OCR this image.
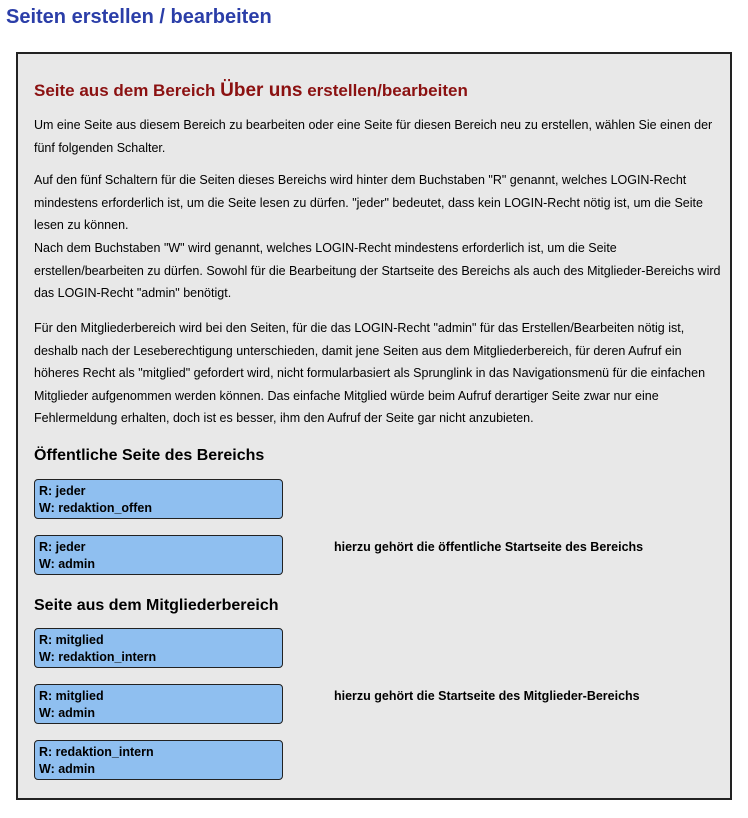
Seiten erstellen / bearbeiten
Seite aus dem Bereich Über uns erstellen/bearbeiten

Um eine Seite aus diesem Bereich zu bearbeiten oder eine Seite für diesen Bereich neu zu erstellen, wählen Sie einen der fünf folgenden Schalter.

Auf den fünf Schaltern für die Seiten dieses Bereichs wird hinter dem Buchstaben "R" genannt, welches LOGIN-Recht mindestens erforderlich ist, um die Seite lesen zu dürfen. "jeder" bedeutet, dass kein LOGIN-Recht nötig ist, um die Seite lesen zu können.

Nach dem Buchstaben "W" wird genannt, welches LOGIN-Recht mindestens erforderlich ist, um die Seite erstellen/bearbeiten zu dürfen. Sowohl für die Bearbeitung der Startseite des Bereichs als auch des Mitglieder-Bereichs wird das LOGIN-Recht "admin" benötigt.

Für den Mitgliederbereich wird bei den Seiten, für die das LOGIN-Recht "admin" für das Erstellen/Bearbeiten nötig ist, deshalb nach der Leseberechtigung unterschieden, damit jene Seiten aus dem Mitgliederbereich, für deren Aufruf ein höheres Recht als "mitglied" gefordert wird, nicht formularbasiert als Sprunglink in das Navigationsmenü für die einfachen Mitglieder aufgenommen werden können. Das einfache Mitglied würde beim Aufruf derartiger Seite zwar nur eine Fehlermeldung erhalten, doch ist es besser, ihm den Aufruf der Seite gar nicht anzubieten.

Öffentliche Seite des Bereichs
R: jeder
W: redaktion_offen
R: jeder
W: admin
hierzu gehört die öffentliche Startseite des Bereichs
Seite aus dem Mitgliederbereich
R: mitglied
W: redaktion_intern
R: mitglied
W: admin
hierzu gehört die Startseite des Mitglieder-Bereichs
R: redaktion_intern
W: admin
